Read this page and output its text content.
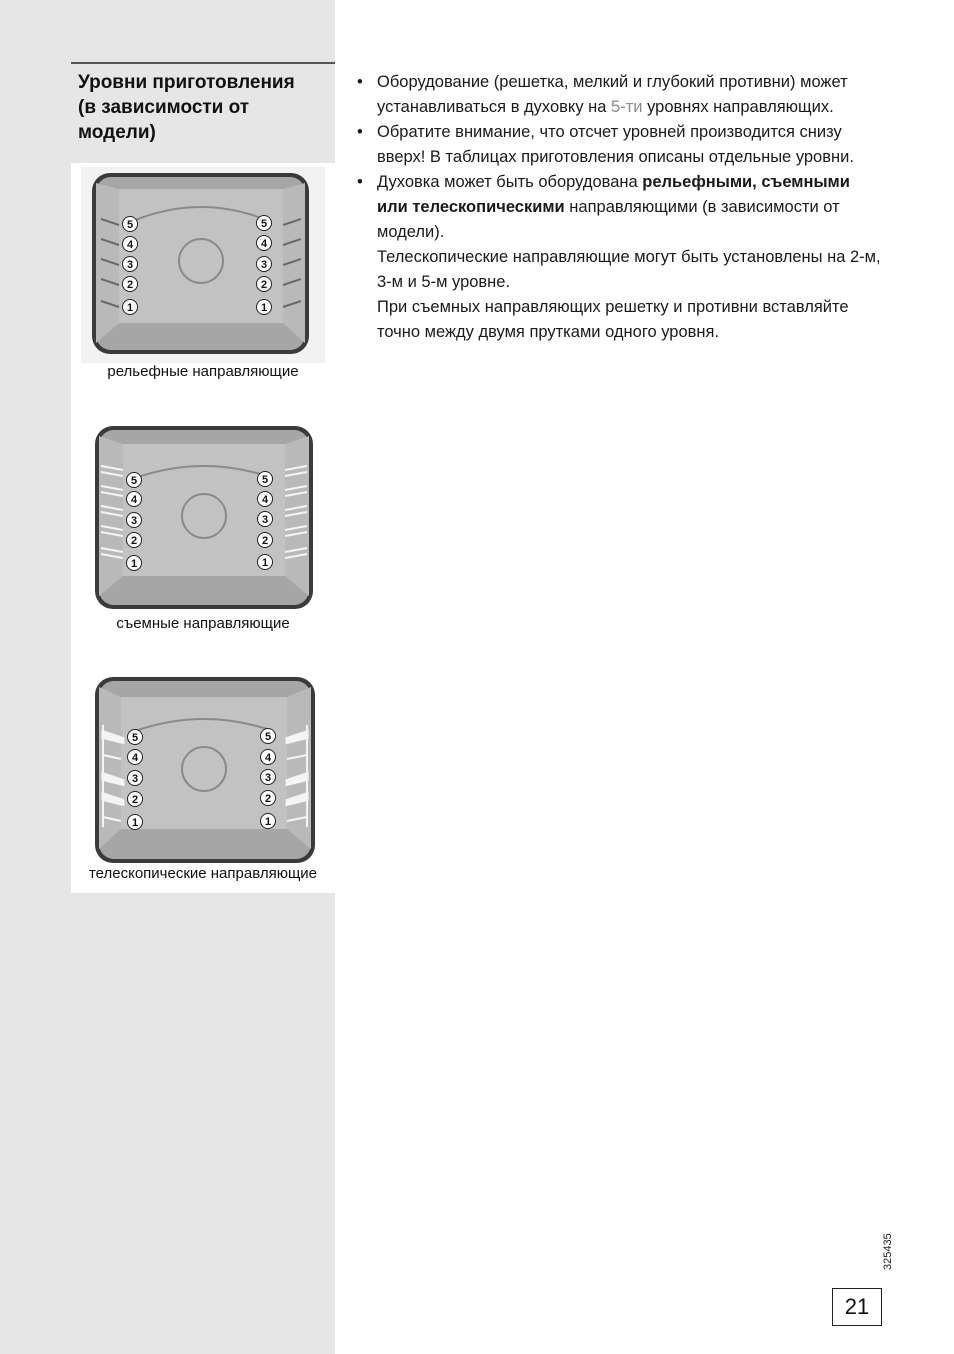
Уровни приготовления
(в зависимости от
модели)
5
4
3
2
1
5
4
3
2
1
рельефные направляющие
5
4
3
2
1
5
4
3
2
1
съемные направляющие
5
4
3
2
1
5
4
3
2
1
телескопические направляющие
• Оборудование (решетка, мелкий и глубокий противни) может устанавливаться в духовку на 5-ти уровнях направляющих.
• Обратите внимание, что отсчет уровней производится снизу вверх! В таблицах приготовления описаны отдельные уровни.
• Духовка может быть оборудована рельефными, съемными или телескопическими направляющими (в зависимости от модели).

Телескопические направляющие могут быть установлены на 2-м, 3-м и 5-м уровне.

При съемных направляющих решетку и противни вставляйте точно между двумя прутками одного уровня.

325435
21
